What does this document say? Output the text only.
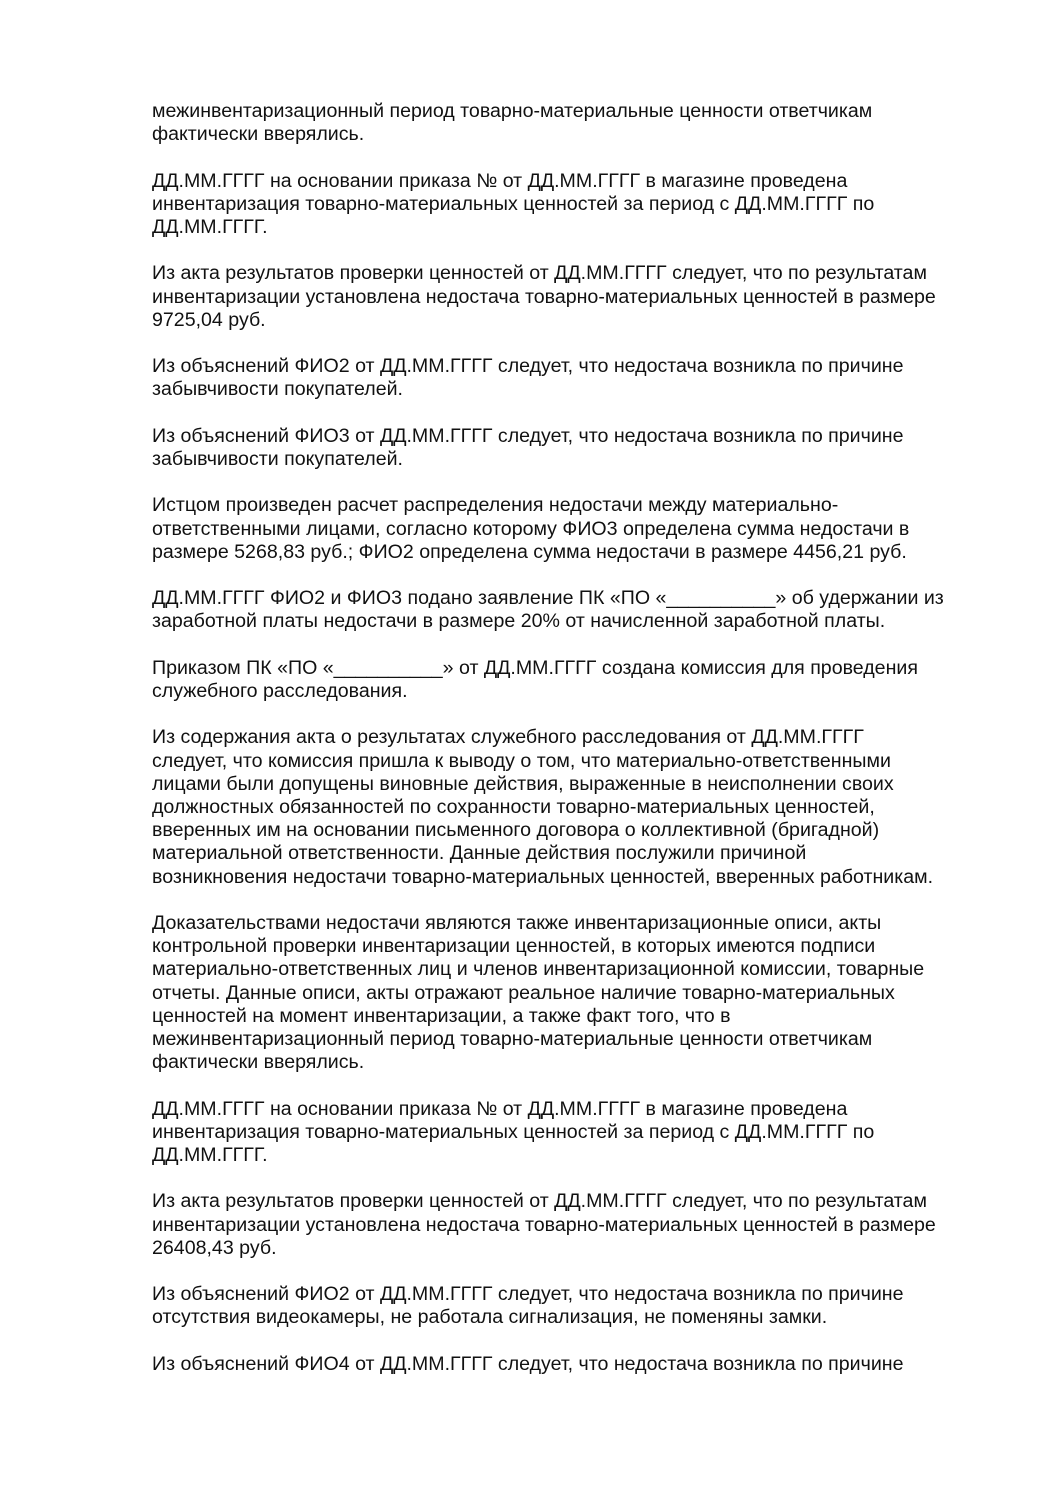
межинвентаризационный период товарно-материальные ценности ответчикам
фактически вверялись.

ДД.ММ.ГГГГ на основании приказа № от ДД.ММ.ГГГГ в магазине проведена
инвентаризация товарно-материальных ценностей за период с ДД.ММ.ГГГГ по
ДД.ММ.ГГГГ.

Из акта результатов проверки ценностей от ДД.ММ.ГГГГ следует, что по результатам
инвентаризации установлена недостача товарно-материальных ценностей в размере
9725,04 руб.

Из объяснений ФИО2 от ДД.ММ.ГГГГ следует, что недостача возникла по причине
забывчивости покупателей.

Из объяснений ФИО3 от ДД.ММ.ГГГГ следует, что недостача возникла по причине
забывчивости покупателей.

Истцом произведен расчет распределения недостачи между материально-
ответственными лицами, согласно которому ФИО3 определена сумма недостачи в
размере 5268,83 руб.; ФИО2 определена сумма недостачи в размере 4456,21 руб.

ДД.ММ.ГГГГ ФИО2 и ФИО3 подано заявление ПК «ПО «__________» об удержании из
заработной платы недостачи в размере 20% от начисленной заработной платы.

Приказом ПК «ПО «__________» от ДД.ММ.ГГГГ создана комиссия для проведения
служебного расследования.

Из содержания акта о результатах служебного расследования от ДД.ММ.ГГГГ
следует, что комиссия пришла к выводу о том, что материально-ответственными
лицами были допущены виновные действия, выраженные в неисполнении своих
должностных обязанностей по сохранности товарно-материальных ценностей,
вверенных им на основании письменного договора о коллективной (бригадной)
материальной ответственности. Данные действия послужили причиной
возникновения недостачи товарно-материальных ценностей, вверенных работникам.

Доказательствами недостачи являются также инвентаризационные описи, акты
контрольной проверки инвентаризации ценностей, в которых имеются подписи
материально-ответственных лиц и членов инвентаризационной комиссии, товарные
отчеты. Данные описи, акты отражают реальное наличие товарно-материальных
ценностей на момент инвентаризации, а также факт того, что в
межинвентаризационный период товарно-материальные ценности ответчикам
фактически вверялись.

ДД.ММ.ГГГГ на основании приказа № от ДД.ММ.ГГГГ в магазине проведена
инвентаризация товарно-материальных ценностей за период с ДД.ММ.ГГГГ по
ДД.ММ.ГГГГ.

Из акта результатов проверки ценностей от ДД.ММ.ГГГГ следует, что по результатам
инвентаризации установлена недостача товарно-материальных ценностей в размере
26408,43 руб.

Из объяснений ФИО2 от ДД.ММ.ГГГГ следует, что недостача возникла по причине
отсутствия видеокамеры, не работала сигнализация, не поменяны замки.

Из объяснений ФИО4 от ДД.ММ.ГГГГ следует, что недостача возникла по причине
